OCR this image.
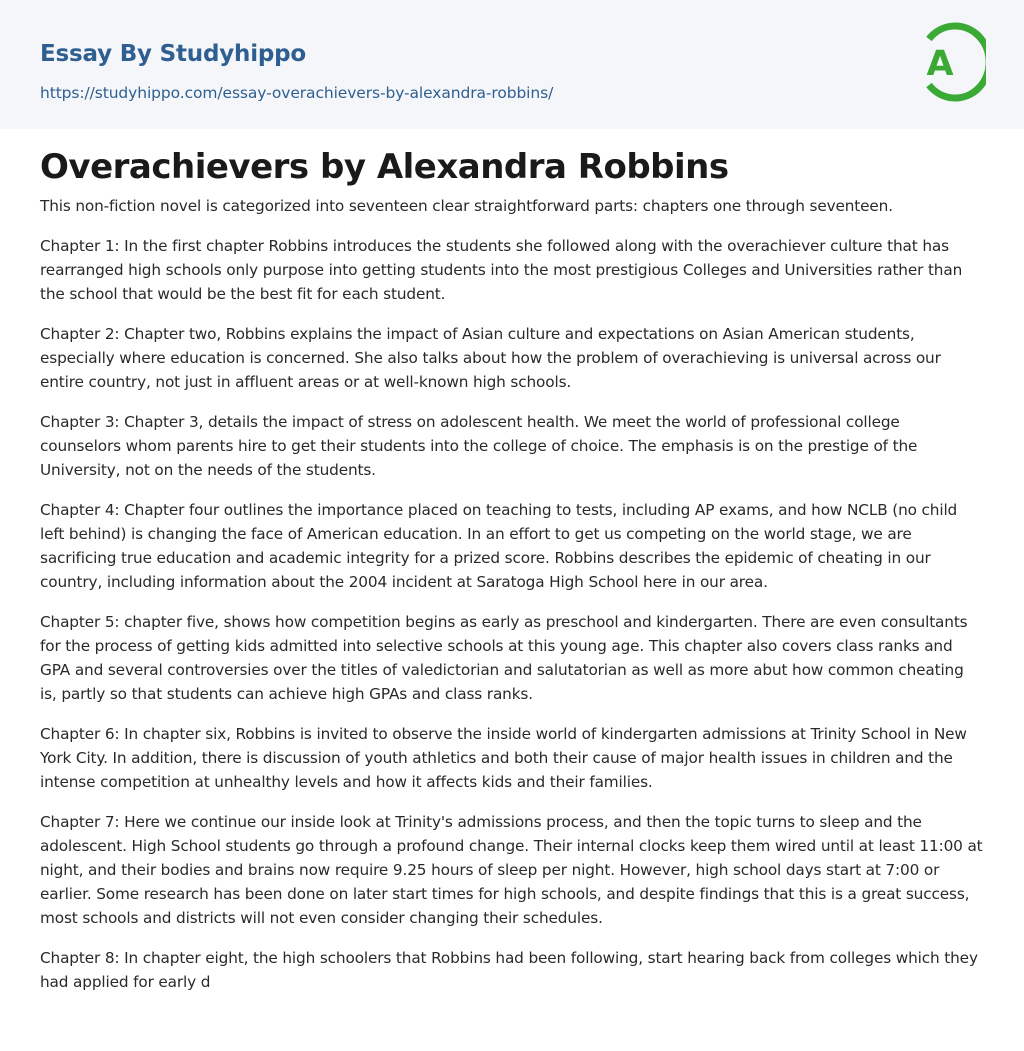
Essay By Studyhippo
https://studyhippo.com/essay-overachievers-by-alexandra-robbins/
A
Overachievers by Alexandra Robbins

This non-fiction novel is categorized into seventeen clear straightforward parts: chapters one through seventeen.

Chapter 1: In the first chapter Robbins introduces the students she followed along with the overachiever culture that has rearranged high schools only purpose into getting students into the most prestigious Colleges and Universities rather than the school that would be the best fit for each student.

Chapter 2: Chapter two, Robbins explains the impact of Asian culture and expectations on Asian American students, especially where education is concerned. She also talks about how the problem of overachieving is universal across our entire country, not just in affluent areas or at well-known high schools.

Chapter 3: Chapter 3, details the impact of stress on adolescent health. We meet the world of professional college counselors whom parents hire to get their students into the college of choice. The emphasis is on the prestige of the University, not on the needs of the students.

Chapter 4: Chapter four outlines the importance placed on teaching to tests, including AP exams, and how NCLB (no child left behind) is changing the face of American education. In an effort to get us competing on the world stage, we are sacrificing true education and academic integrity for a prized score. Robbins describes the epidemic of cheating in our country, including information about the 2004 incident at Saratoga High School here in our area.

Chapter 5: chapter five, shows how competition begins as early as preschool and kindergarten. There are even consultants for the process of getting kids admitted into selective schools at this young age. This chapter also covers class ranks and GPA and several controversies over the titles of valedictorian and salutatorian as well as more abut how common cheating is, partly so that students can achieve high GPAs and class ranks.

Chapter 6: In chapter six, Robbins is invited to observe the inside world of kindergarten admissions at Trinity School in New York City. In addition, there is discussion of youth athletics and both their cause of major health issues in children and the intense competition at unhealthy levels and how it affects kids and their families.

Chapter 7: Here we continue our inside look at Trinity's admissions process, and then the topic turns to sleep and the adolescent. High School students go through a profound change. Their internal clocks keep them wired until at least 11:00 at night, and their bodies and brains now require 9.25 hours of sleep per night. However, high school days start at 7:00 or earlier. Some research has been done on later start times for high schools, and despite findings that this is a great success, most schools and districts will not even consider changing their schedules.

Chapter 8: In chapter eight, the high schoolers that Robbins had been following, start hearing back from colleges which they had applied for early d
